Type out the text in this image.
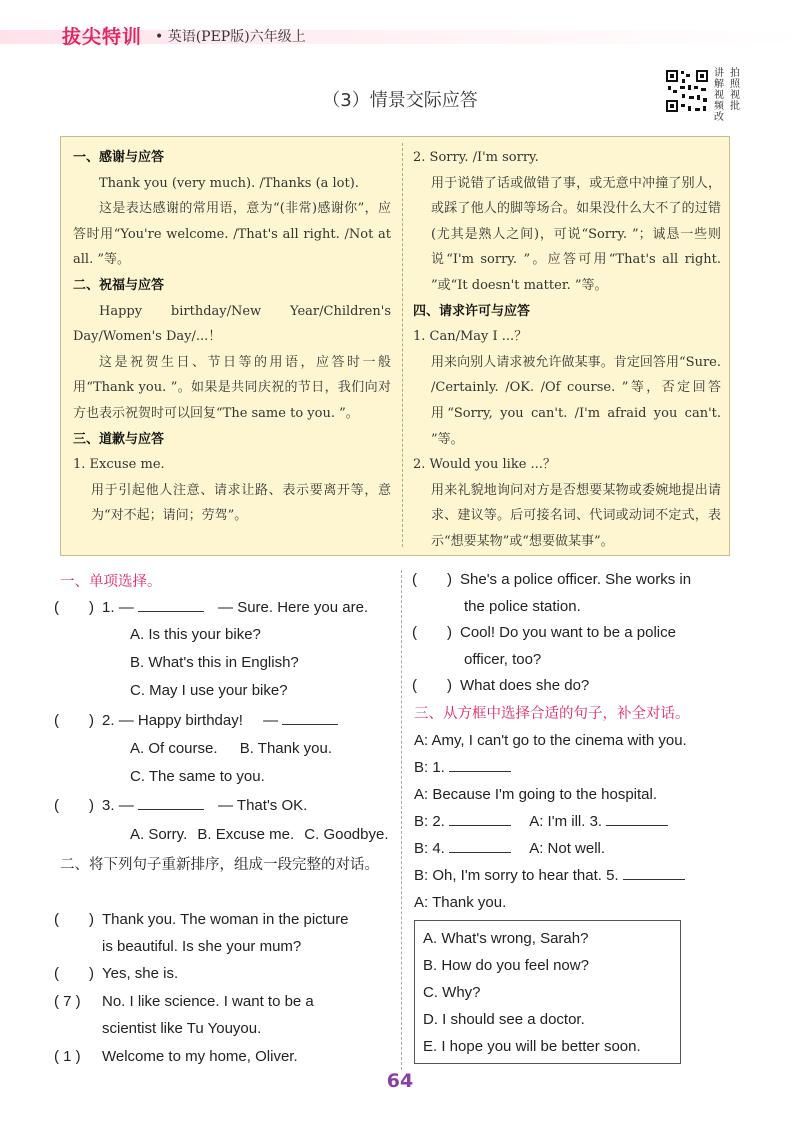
拔尖特训 • 英语(PEP版)六年级上
（3）情景交际应答
讲 拍
解 照
视 视
频 批
改

一、感谢与应答

Thank you (very much). /Thanks (a lot).

这是表达感谢的常用语，意为“(非常)感谢你”，应答时用“You're welcome. /That's all right. /Not at all. ”等。

二、祝福与应答

Happy birthday/New Year/Children's Day/Women's Day/...！

这是祝贺生日、节日等的用语，应答时一般用“Thank you. ”。如果是共同庆祝的节日，我们向对方也表示祝贺时可以回复“The same to you. ”。

三、道歉与应答

1. Excuse me.

用于引起他人注意、请求让路、表示要离开等，意为“对不起；请问；劳驾”。

2. Sorry. /I'm sorry.

用于说错了话或做错了事，或无意中冲撞了别人，或踩了他人的脚等场合。如果没什么大不了的过错(尤其是熟人之间)，可说“Sorry. ”；诚恳一些则说“I'm sorry. ”。应答可用“That's all right. ”或“It doesn't matter. ”等。

四、请求许可与应答

1. Can/May I ...？

用来向别人请求被允许做某事。肯定回答用“Sure. /Certainly. /OK. /Of course. ”等，否定回答用“Sorry, you can't. /I'm afraid you can't. ”等。

2. Would you like ...？

用来礼貌地询问对方是否想要某物或委婉地提出请求、建议等。后可接名词、代词或动词不定式，表示“想要某物”或“想要做某事”。

一、单项选择。
(　　) 1. —	— Sure. Here you are.
A. Is this your bike?
B. What's this in English?
C. May I use your bike?
(　　) 2. — Happy birthday! —
A. Of course. B. Thank you.
C. The same to you.
(　　) 3. —	— That's OK.
A. Sorry. B. Excuse me. C. Goodbye.
二、将下列句子重新排序，组成一段完整的对话。
(　　) Thank you. The woman in the picture
is beautiful. Is she your mum?
(　　) Yes, she is.
( 7 ) No. I like science. I want to be a
scientist like Tu Youyou.
( 1 ) Welcome to my home, Oliver.
(　　) She's a police officer. She works in
the police station.
(　　) Cool! Do you want to be a police
officer, too?
(　　) What does she do?
三、从方框中选择合适的句子，补全对话。
A: Amy, I can't go to the cinema with you.
B: 1.
A: Because I'm going to the hospital.
B: 2.	A: I'm ill. 3.
B: 4.	A: Not well.
B: Oh, I'm sorry to hear that. 5.
A: Thank you.
A. What's wrong, Sarah?
B. How do you feel now?
C. Why?
D. I should see a doctor.
E. I hope you will be better soon.
64
